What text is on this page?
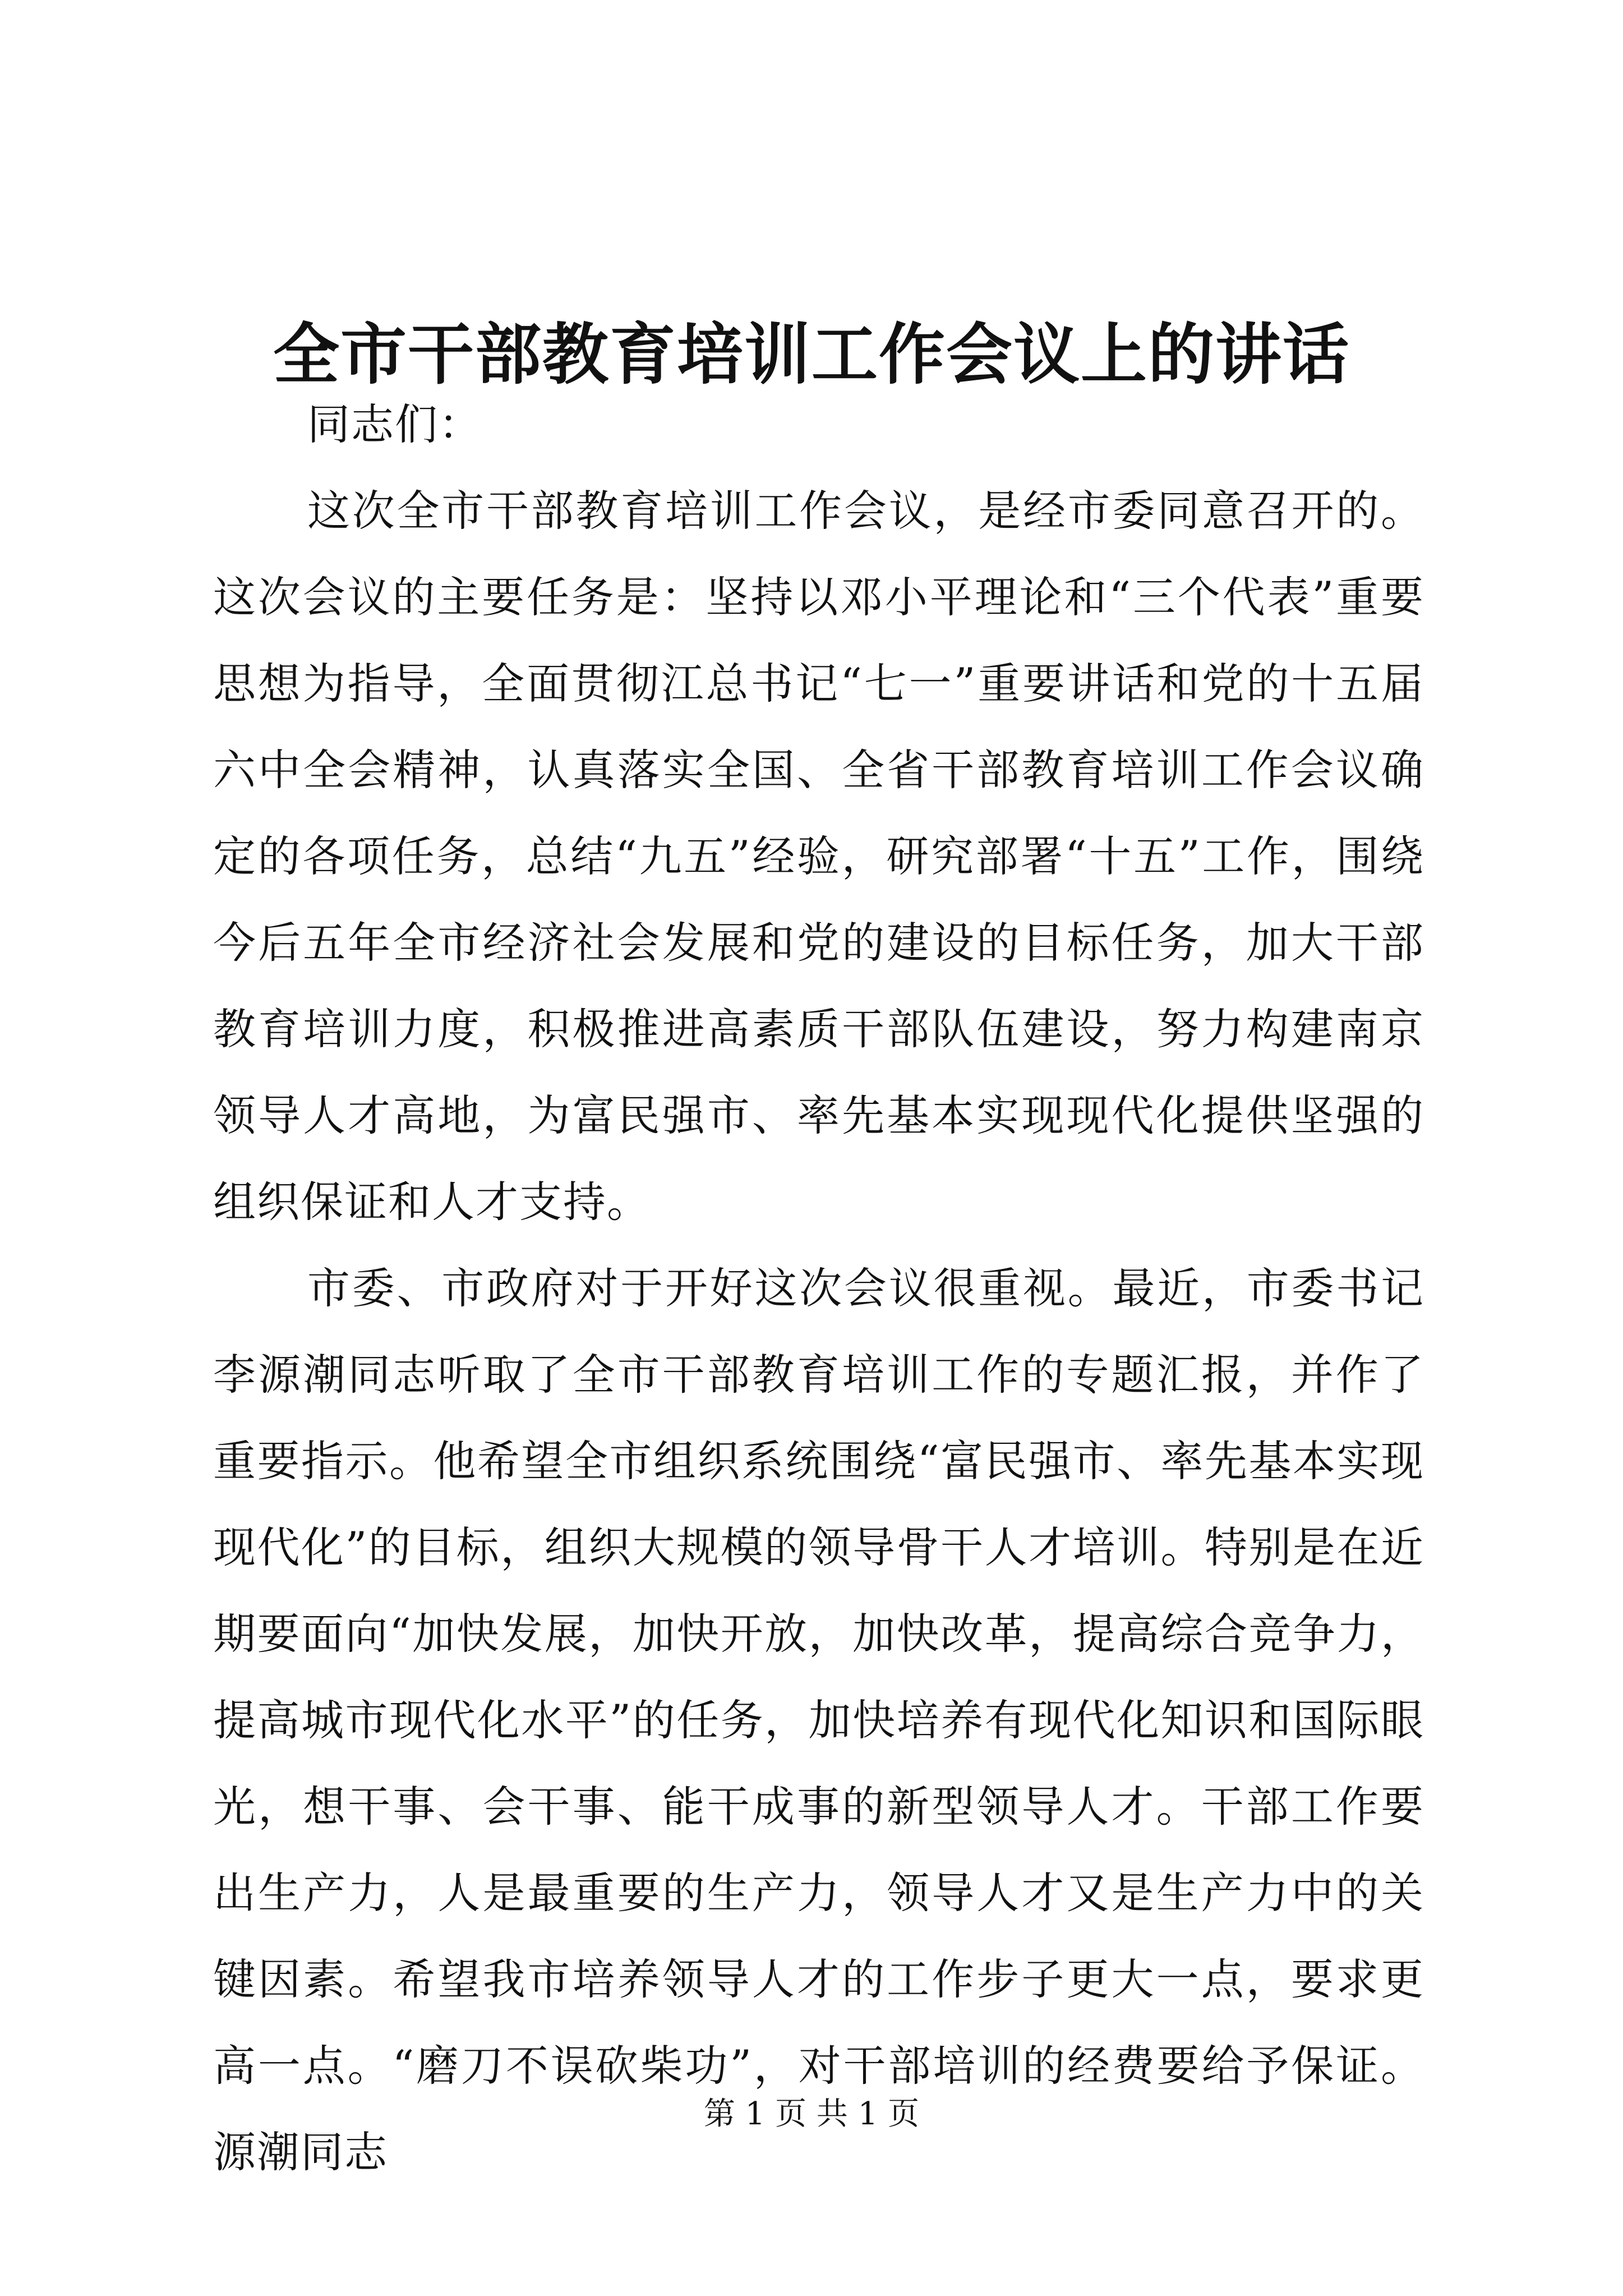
全市干部教育培训工作会议上的讲话

同志们：

这次全市干部教育培训工作会议，是经市委同意召开的。这次会议的主要任务是：坚持以邓小平理论和“三个代表”重要思想为指导，全面贯彻江总书记“七一”重要讲话和党的十五届六中全会精神，认真落实全国、全省干部教育培训工作会议确定的各项任务，总结“九五”经验，研究部署“十五”工作，围绕今后五年全市经济社会发展和党的建设的目标任务，加大干部教育培训力度，积极推进高素质干部队伍建设，努力构建南京领导人才高地，为富民强市、率先基本实现现代化提供坚强的组织保证和人才支持。

市委、市政府对于开好这次会议很重视。最近，市委书记李源潮同志听取了全市干部教育培训工作的专题汇报，并作了重要指示。他希望全市组织系统围绕“富民强市、率先基本实现现代化”的目标，组织大规模的领导骨干人才培训。特别是在近期要面向“加快发展，加快开放，加快改革，提高综合竞争力，提高城市现代化水平”的任务，加快培养有现代化知识和国际眼光，想干事、会干事、能干成事的新型领导人才。干部工作要出生产力，人是最重要的生产力，领导人才又是生产力中的关键因素。希望我市培养领导人才的工作步子更大一点，要求更高一点。“磨刀不误砍柴功”，对干部培训的经费要给予保证。源潮同志

第 1 页 共 1 页
